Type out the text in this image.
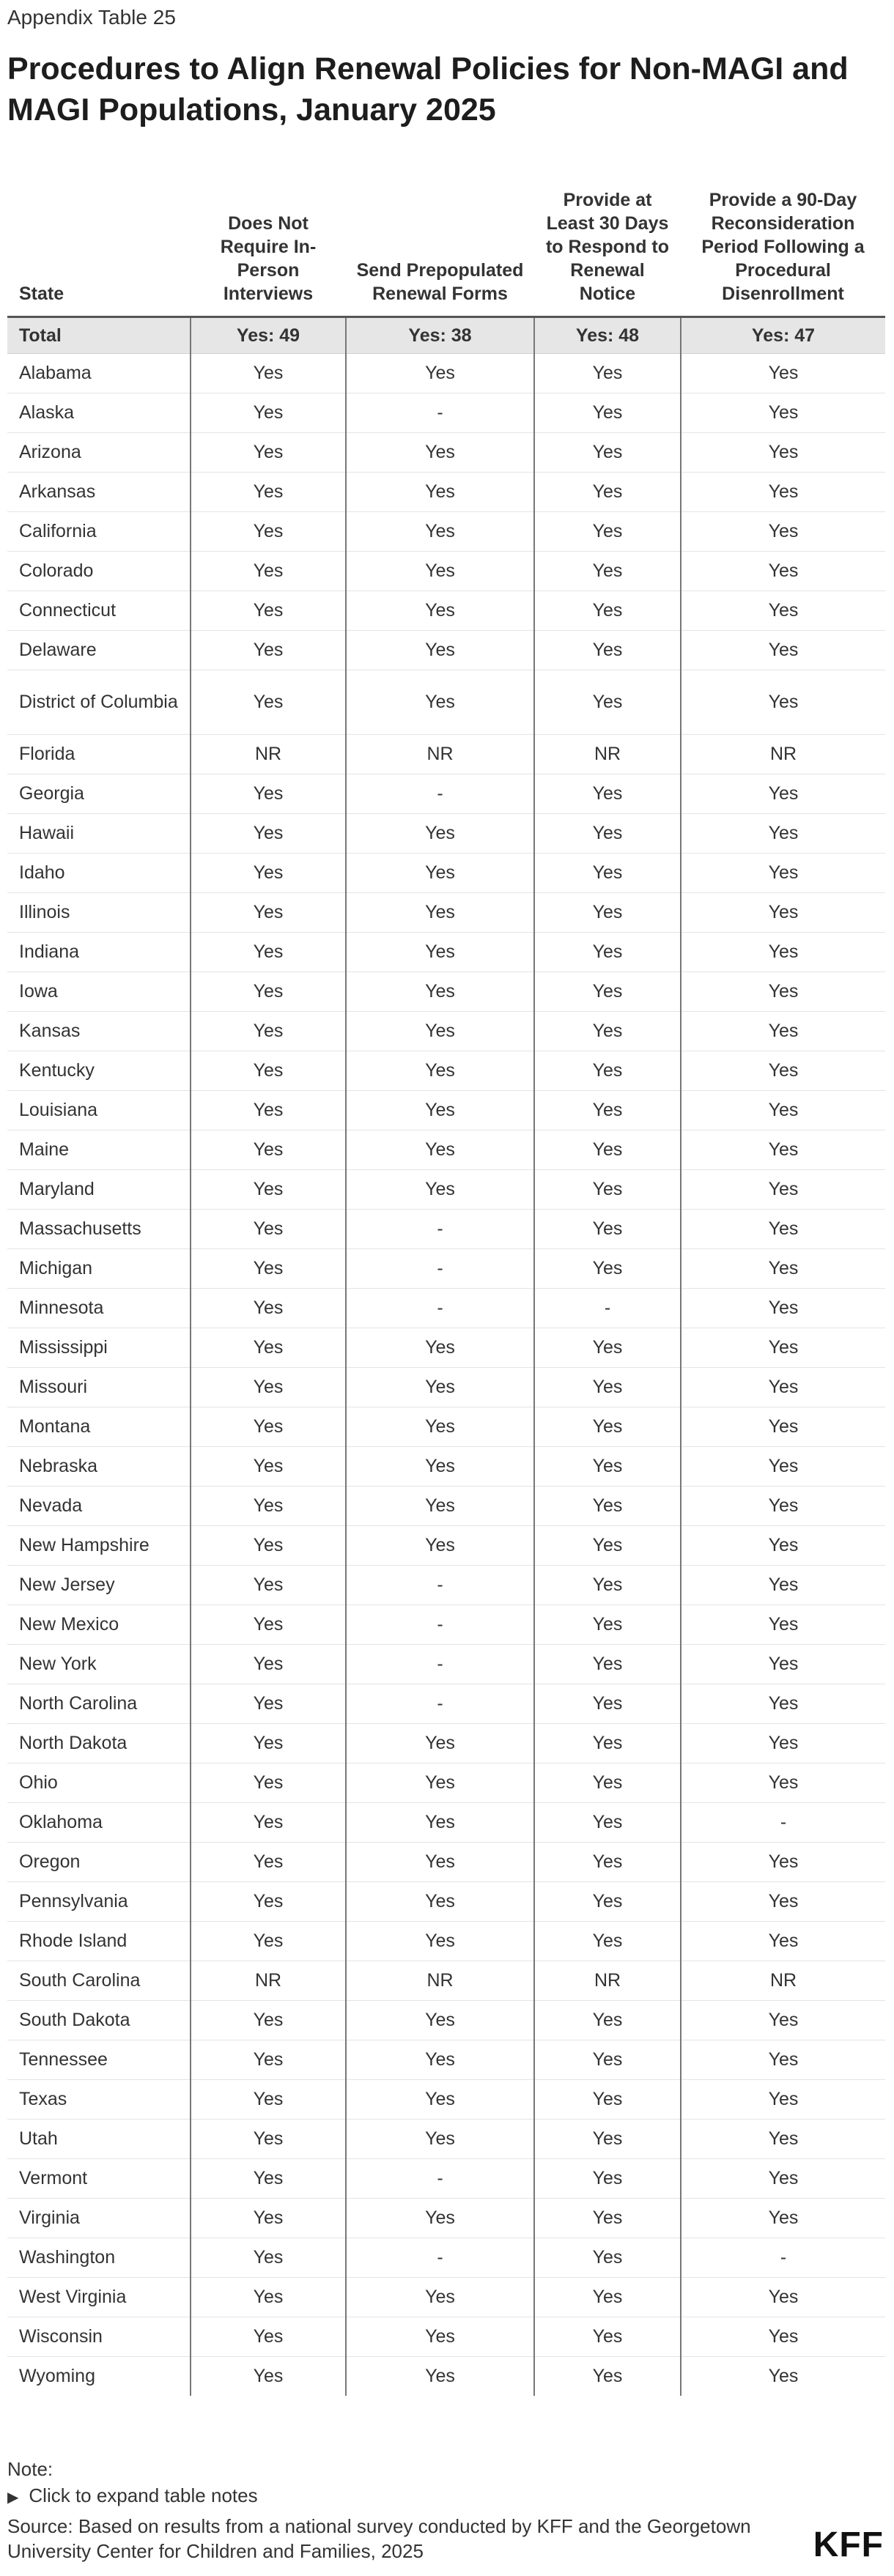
Appendix Table 25
Procedures to Align Renewal Policies for Non-MAGI and MAGI Populations, January 2025
State	Does Not Require In-Person Interviews	Send Prepopulated Renewal Forms	Provide at Least 30 Days to Respond to Renewal Notice	Provide a 90-Day Reconsideration Period Following a Procedural Disenrollment
Total	Yes: 49	Yes: 38	Yes: 48	Yes: 47
Alabama	Yes	Yes	Yes	Yes
Alaska	Yes	-	Yes	Yes
Arizona	Yes	Yes	Yes	Yes
Arkansas	Yes	Yes	Yes	Yes
California	Yes	Yes	Yes	Yes
Colorado	Yes	Yes	Yes	Yes
Connecticut	Yes	Yes	Yes	Yes
Delaware	Yes	Yes	Yes	Yes
District of Columbia	Yes	Yes	Yes	Yes
Florida	NR	NR	NR	NR
Georgia	Yes	-	Yes	Yes
Hawaii	Yes	Yes	Yes	Yes
Idaho	Yes	Yes	Yes	Yes
Illinois	Yes	Yes	Yes	Yes
Indiana	Yes	Yes	Yes	Yes
Iowa	Yes	Yes	Yes	Yes
Kansas	Yes	Yes	Yes	Yes
Kentucky	Yes	Yes	Yes	Yes
Louisiana	Yes	Yes	Yes	Yes
Maine	Yes	Yes	Yes	Yes
Maryland	Yes	Yes	Yes	Yes
Massachusetts	Yes	-	Yes	Yes
Michigan	Yes	-	Yes	Yes
Minnesota	Yes	-	-	Yes
Mississippi	Yes	Yes	Yes	Yes
Missouri	Yes	Yes	Yes	Yes
Montana	Yes	Yes	Yes	Yes
Nebraska	Yes	Yes	Yes	Yes
Nevada	Yes	Yes	Yes	Yes
New Hampshire	Yes	Yes	Yes	Yes
New Jersey	Yes	-	Yes	Yes
New Mexico	Yes	-	Yes	Yes
New York	Yes	-	Yes	Yes
North Carolina	Yes	-	Yes	Yes
North Dakota	Yes	Yes	Yes	Yes
Ohio	Yes	Yes	Yes	Yes
Oklahoma	Yes	Yes	Yes	-
Oregon	Yes	Yes	Yes	Yes
Pennsylvania	Yes	Yes	Yes	Yes
Rhode Island	Yes	Yes	Yes	Yes
South Carolina	NR	NR	NR	NR
South Dakota	Yes	Yes	Yes	Yes
Tennessee	Yes	Yes	Yes	Yes
Texas	Yes	Yes	Yes	Yes
Utah	Yes	Yes	Yes	Yes
Vermont	Yes	-	Yes	Yes
Virginia	Yes	Yes	Yes	Yes
Washington	Yes	-	Yes	-
West Virginia	Yes	Yes	Yes	Yes
Wisconsin	Yes	Yes	Yes	Yes
Wyoming	Yes	Yes	Yes	Yes
Note:
▶ Click to expand table notes
Source: Based on results from a national survey conducted by KFF and the Georgetown University Center for Children and Families, 2025	KFF
